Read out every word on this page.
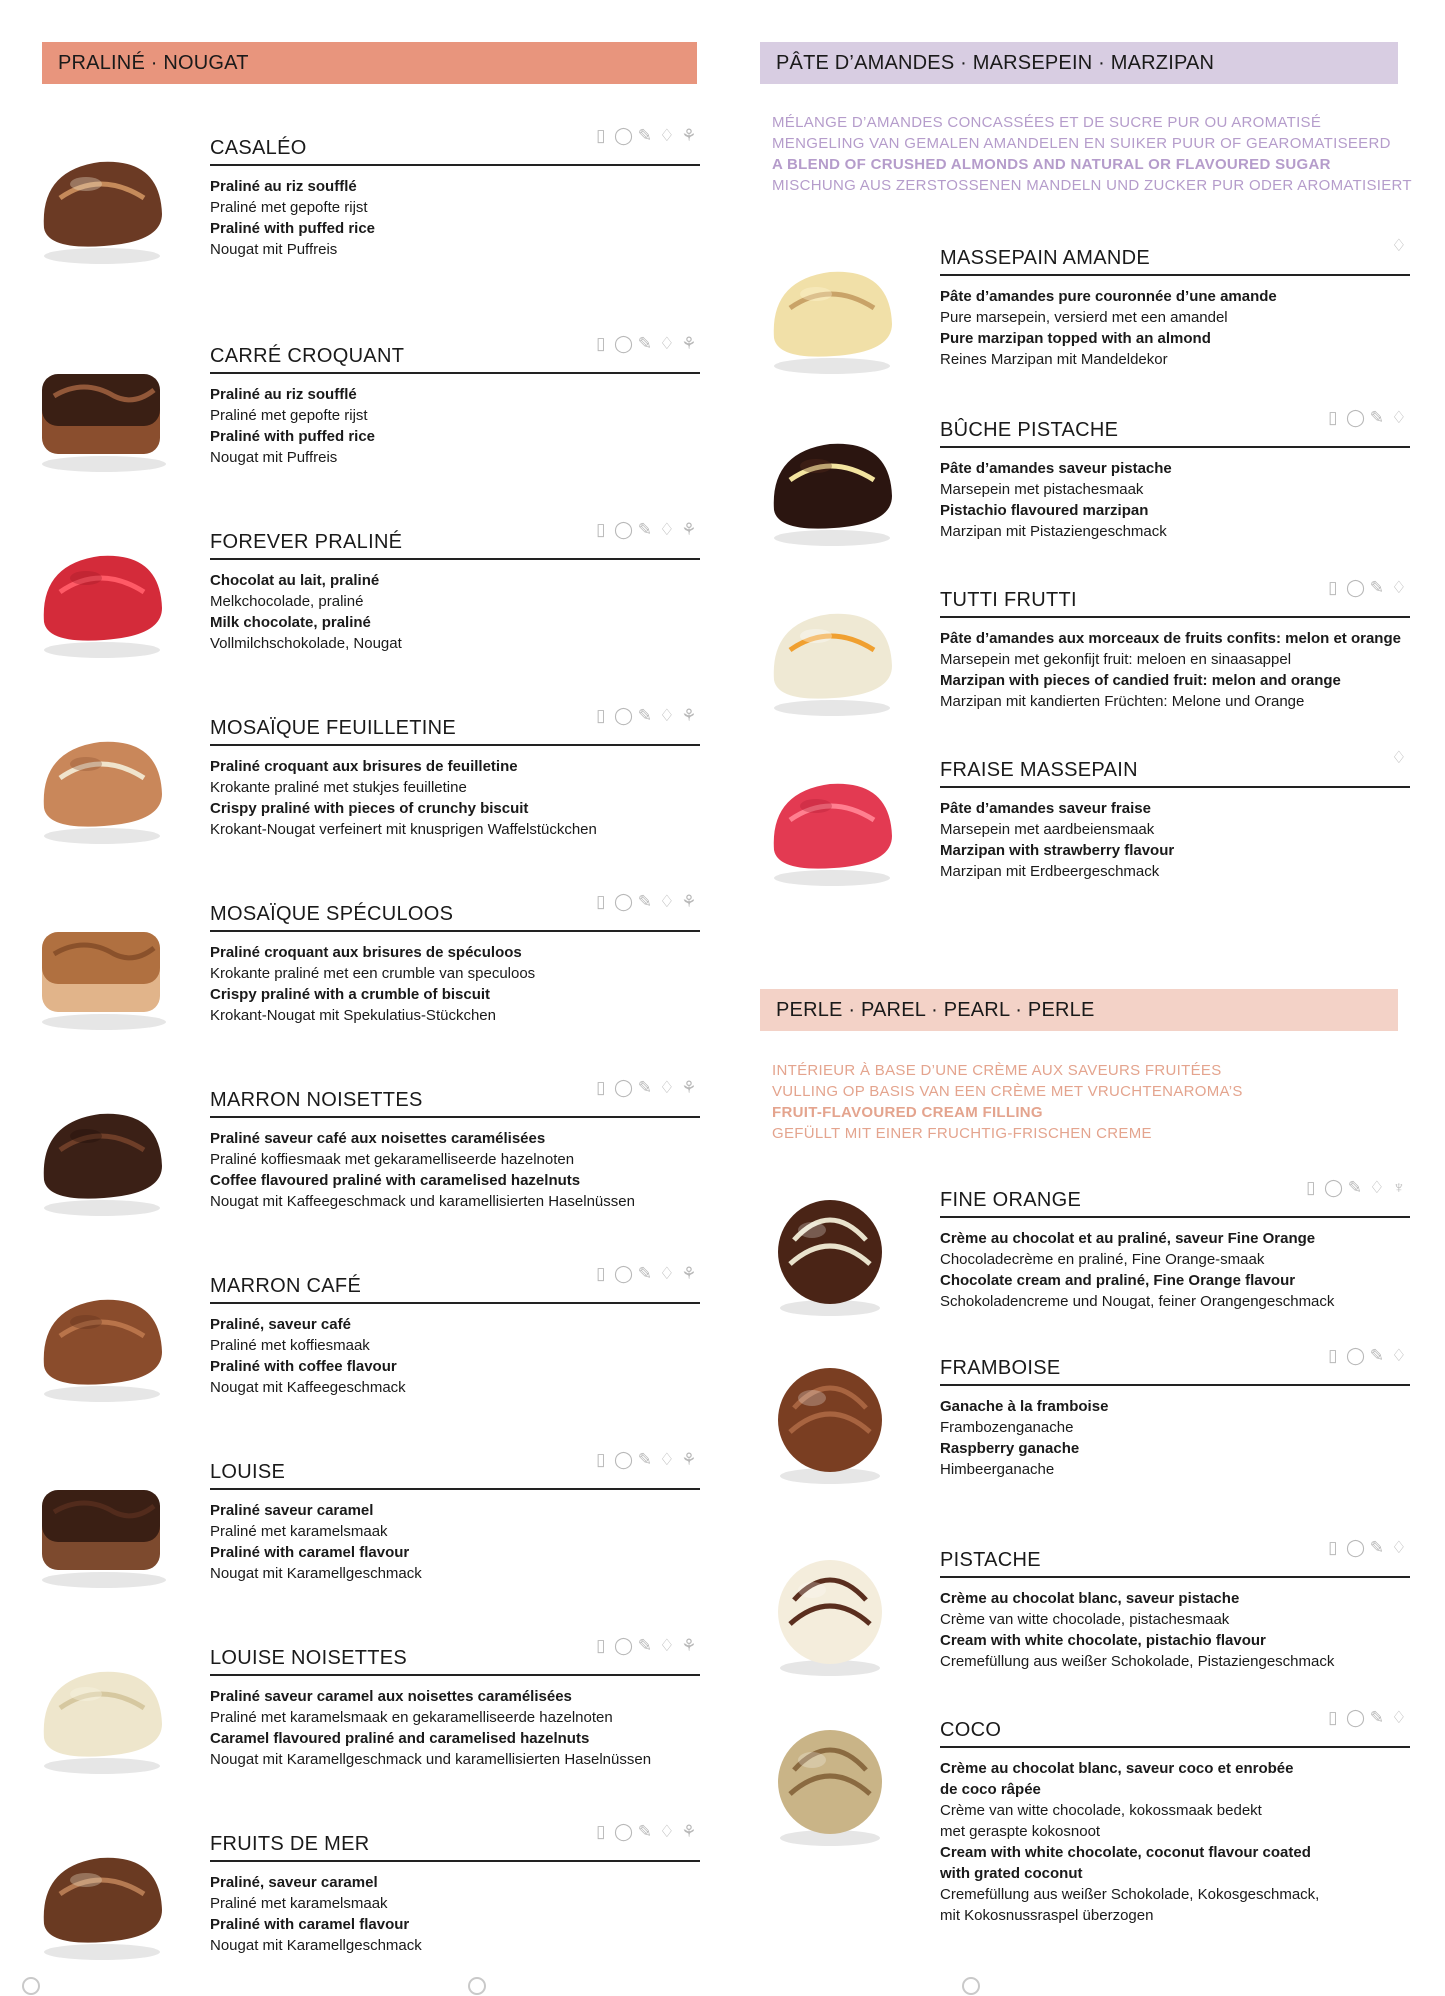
PRALINÉ · NOUGAT
CASALÉO
▯ ◯ ✎ ♢ ⚘
Praliné au riz soufflé
Praliné met gepofte rijst
Praliné with puffed rice
Nougat mit Puffreis
CARRÉ CROQUANT
▯ ◯ ✎ ♢ ⚘
Praliné au riz soufflé
Praliné met gepofte rijst
Praliné with puffed rice
Nougat mit Puffreis
FOREVER PRALINÉ
▯ ◯ ✎ ♢ ⚘
Chocolat au lait, praliné
Melkchocolade, praliné
Milk chocolate, praliné
Vollmilchschokolade, Nougat
MOSAÏQUE FEUILLETINE
▯ ◯ ✎ ♢ ⚘
Praliné croquant aux brisures de feuilletine
Krokante praliné met stukjes feuilletine
Crispy praliné with pieces of crunchy biscuit
Krokant-Nougat verfeinert mit knusprigen Waffelstückchen
MOSAÏQUE SPÉCULOOS
▯ ◯ ✎ ♢ ⚘
Praliné croquant aux brisures de spéculoos
Krokante praliné met een crumble van speculoos
Crispy praliné with a crumble of biscuit
Krokant-Nougat mit Spekulatius-Stückchen
MARRON NOISETTES
▯ ◯ ✎ ♢ ⚘
Praliné saveur café aux noisettes caramélisées
Praliné koffiesmaak met gekaramelliseerde hazelnoten
Coffee flavoured praliné with caramelised hazelnuts
Nougat mit Kaffeegeschmack und karamellisierten Haselnüssen
MARRON CAFÉ
▯ ◯ ✎ ♢ ⚘
Praliné, saveur café
Praliné met koffiesmaak
Praliné with coffee flavour
Nougat mit Kaffeegeschmack
LOUISE
▯ ◯ ✎ ♢ ⚘
Praliné saveur caramel
Praliné met karamelsmaak
Praliné with caramel flavour
Nougat mit Karamellgeschmack
LOUISE NOISETTES
▯ ◯ ✎ ♢ ⚘
Praliné saveur caramel aux noisettes caramélisées
Praliné met karamelsmaak en gekaramelliseerde hazelnoten
Caramel flavoured praliné and caramelised hazelnuts
Nougat mit Karamellgeschmack und karamellisierten Haselnüssen
FRUITS DE MER
▯ ◯ ✎ ♢ ⚘
Praliné, saveur caramel
Praliné met karamelsmaak
Praliné with caramel flavour
Nougat mit Karamellgeschmack
PÂTE D’AMANDES · MARSEPEIN · MARZIPAN
MÉLANGE D’AMANDES CONCASSÉES ET DE SUCRE PUR OU AROMATISÉ
MENGELING VAN GEMALEN AMANDELEN EN SUIKER PUUR OF GEAROMATISEERD
A BLEND OF CRUSHED ALMONDS AND NATURAL OR FLAVOURED SUGAR
MISCHUNG AUS ZERSTOSSENEN MANDELN UND ZUCKER PUR ODER AROMATISIERT
MASSEPAIN AMANDE
♢
Pâte d’amandes pure couronnée d’une amande
Pure marsepein, versierd met een amandel
Pure marzipan topped with an almond
Reines Marzipan mit Mandeldekor
BÛCHE PISTACHE
▯ ◯ ✎ ♢
Pâte d’amandes saveur pistache
Marsepein met pistachesmaak
Pistachio flavoured marzipan
Marzipan mit Pistaziengeschmack
TUTTI FRUTTI
▯ ◯ ✎ ♢
Pâte d’amandes aux morceaux de fruits confits: melon et orange
Marsepein met gekonfijt fruit: meloen en sinaasappel
Marzipan with pieces of candied fruit: melon and orange
Marzipan mit kandierten Früchten: Melone und Orange
FRAISE MASSEPAIN
♢
Pâte d’amandes saveur fraise
Marsepein met aardbeiensmaak
Marzipan with strawberry flavour
Marzipan mit Erdbeergeschmack
PERLE · PAREL · PEARL · PERLE
INTÉRIEUR À BASE D’UNE CRÈME AUX SAVEURS FRUITÉES
VULLING OP BASIS VAN EEN CRÈME MET VRUCHTENAROMA’S
FRUIT-FLAVOURED CREAM FILLING
GEFÜLLT MIT EINER FRUCHTIG-FRISCHEN CREME
FINE ORANGE
▯ ◯ ✎ ♢ ♆
Crème au chocolat et au praliné, saveur Fine Orange
Chocoladecrème en praliné, Fine Orange-smaak
Chocolate cream and praliné, Fine Orange flavour
Schokoladencreme und Nougat, feiner Orangengeschmack
FRAMBOISE
▯ ◯ ✎ ♢
Ganache à la framboise
Frambozenganache
Raspberry ganache
Himbeerganache
PISTACHE
▯ ◯ ✎ ♢
Crème au chocolat blanc, saveur pistache
Crème van witte chocolade, pistachesmaak
Cream with white chocolate, pistachio flavour
Cremefüllung aus weißer Schokolade, Pistaziengeschmack
COCO
▯ ◯ ✎ ♢
Crème au chocolat blanc, saveur coco et enrobée
de coco râpée
Crème van witte chocolade, kokossmaak bedekt
met geraspte kokosnoot
Cream with white chocolate, coconut flavour coated
with grated coconut
Cremefüllung aus weißer Schokolade, Kokosgeschmack,
mit Kokosnussraspel überzogen
